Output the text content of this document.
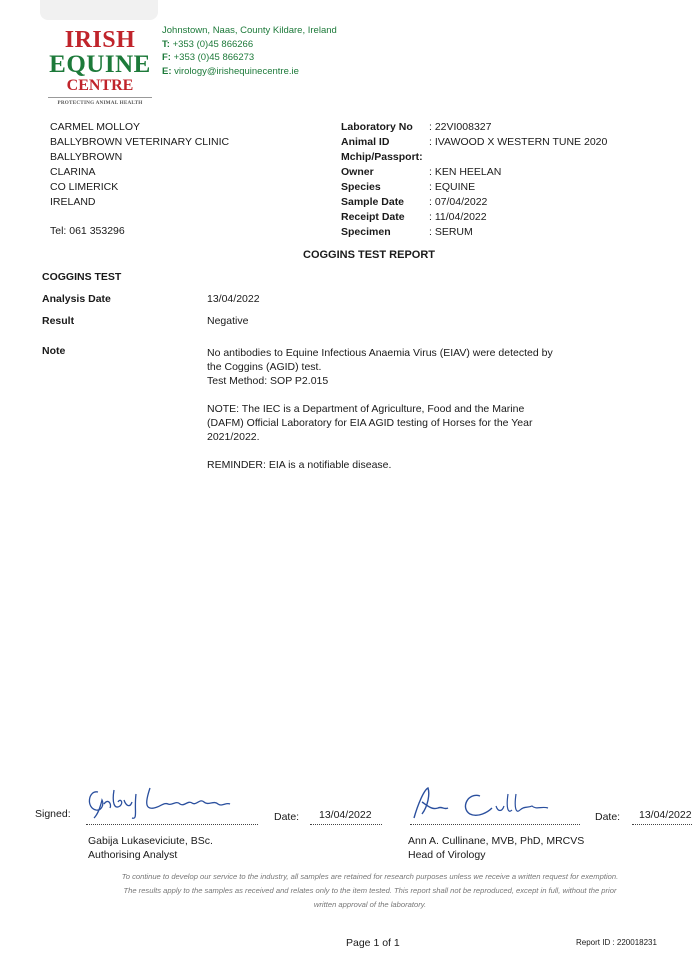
IRISH
EQUINE
CENTRE
PROTECTING ANIMAL HEALTH
Johnstown, Naas, County Kildare, Ireland
T: +353 (0)45 866266
F: +353 (0)45 866273
E: virology@irishequinecentre.ie
CARMEL MOLLOY
BALLYBROWN VETERINARY CLINIC
BALLYBROWN
CLARINA
CO LIMERICK
IRELAND
Tel: 061 353296
Laboratory No	: 22VI008327
Animal ID	: IVAWOOD X WESTERN TUNE 2020
Mchip/Passport:
Owner	: KEN HEELAN
Species	: EQUINE
Sample Date	: 07/04/2022
Receipt Date	: 11/04/2022
Specimen	: SERUM
COGGINS TEST REPORT
COGGINS TEST
Analysis Date	13/04/2022
Result	Negative
Note	No antibodies to Equine Infectious Anaemia Virus (EIAV) were detected by
the Coggins (AGID) test.
Test Method: SOP P2.015

NOTE: The IEC is a Department of Agriculture, Food and the Marine
(DAFM) Official Laboratory for EIA AGID testing of Horses for the Year
2021/2022.

REMINDER: EIA is a notifiable disease.

Signed:	Date: 13/04/2022
Gabija Lukaseviciute, BSc.
Authorising Analyst
Date: 13/04/2022
Ann A. Cullinane, MVB, PhD, MRCVS
Head of Virology
To continue to develop our service to the industry, all samples are retained for research purposes unless we receive a written request for exemption.
The results apply to the samples as received and relates only to the item tested. This report shall not be reproduced, except in full, without the prior
written approval of the laboratory.
Page 1 of 1	Report ID : 220018231
